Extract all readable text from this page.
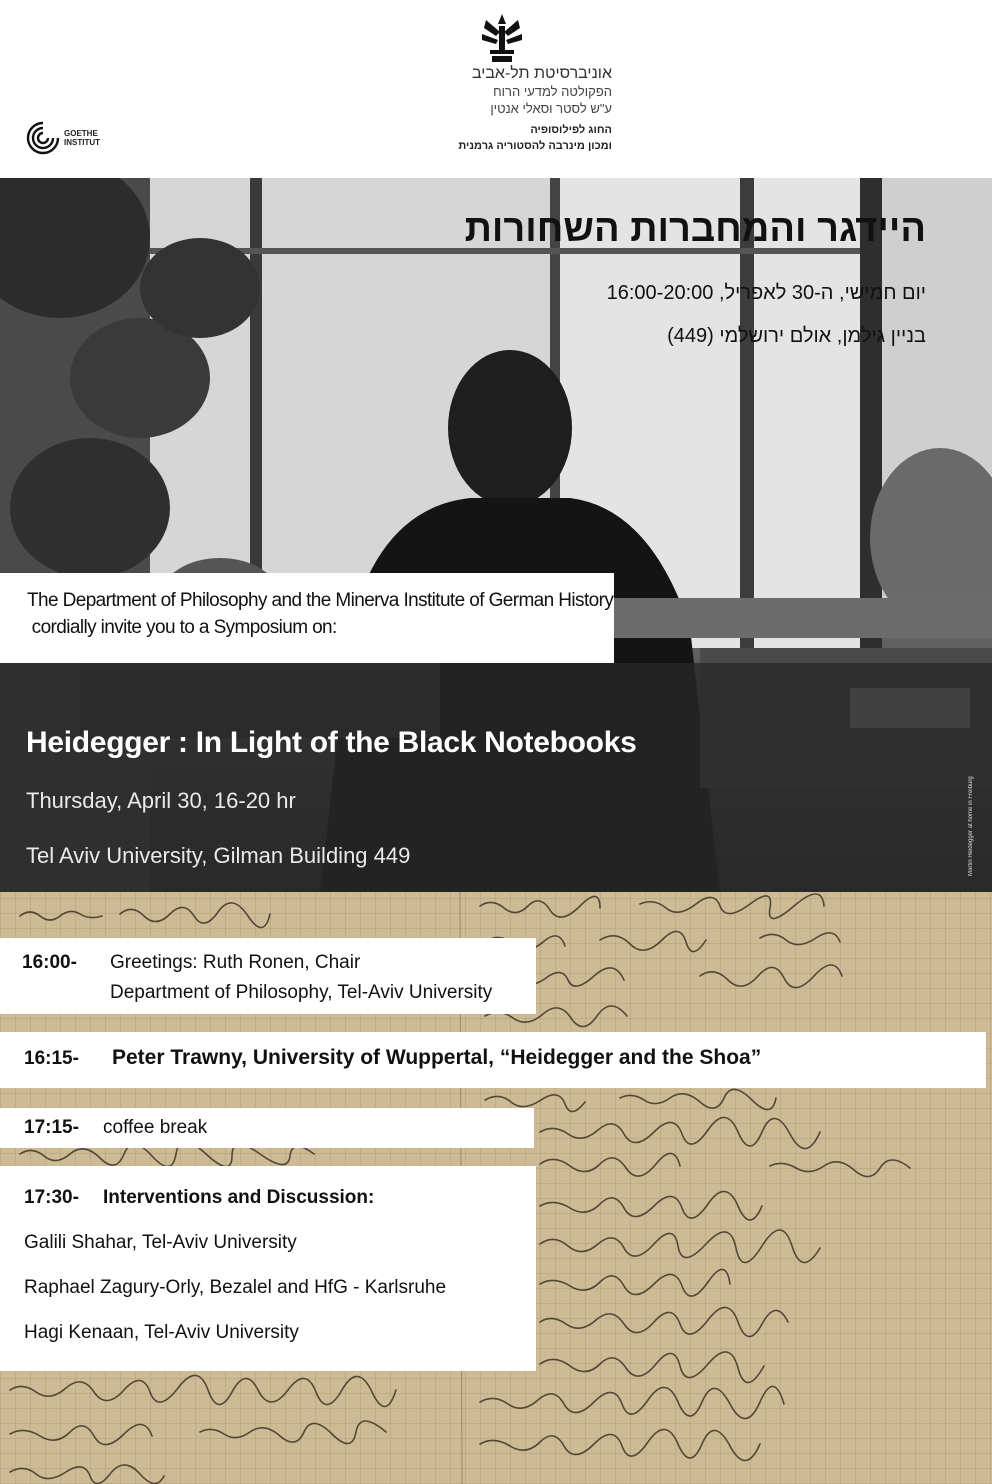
אוניברסיטת תל-אביב
הפקולטה למדעי הרוח
ע"ש לסטר וסאלי אנטין
החוג לפילוסופיה
ומכון מינרבה להסטוריה גרמנית
GOETHE
INSTITUT
היידגר והמחברות השחורות
יום חמישי, ה-30 לאפריל, 16:00-20:00
בניין גילמן, אולם ירושלמי (449)
The Department of Philosophy and the Minerva Institute of German History
cordially invite you to a Symposium on:
Heidegger : In Light of the Black Notebooks
Thursday, April 30, 16-20 hr
Tel Aviv University, Gilman Building 449	Martin Heidegger at home in Freiburg
16:00- Greetings: Ruth Ronen, Chair
Department of Philosophy, Tel-Aviv University
16:15- Peter Trawny, University of Wuppertal, “Heidegger and the Shoa”
17:15- coffee break
17:30- Interventions and Discussion:
Galili Shahar, Tel-Aviv University
Raphael Zagury-Orly, Bezalel and HfG - Karlsruhe
Hagi Kenaan, Tel-Aviv University
